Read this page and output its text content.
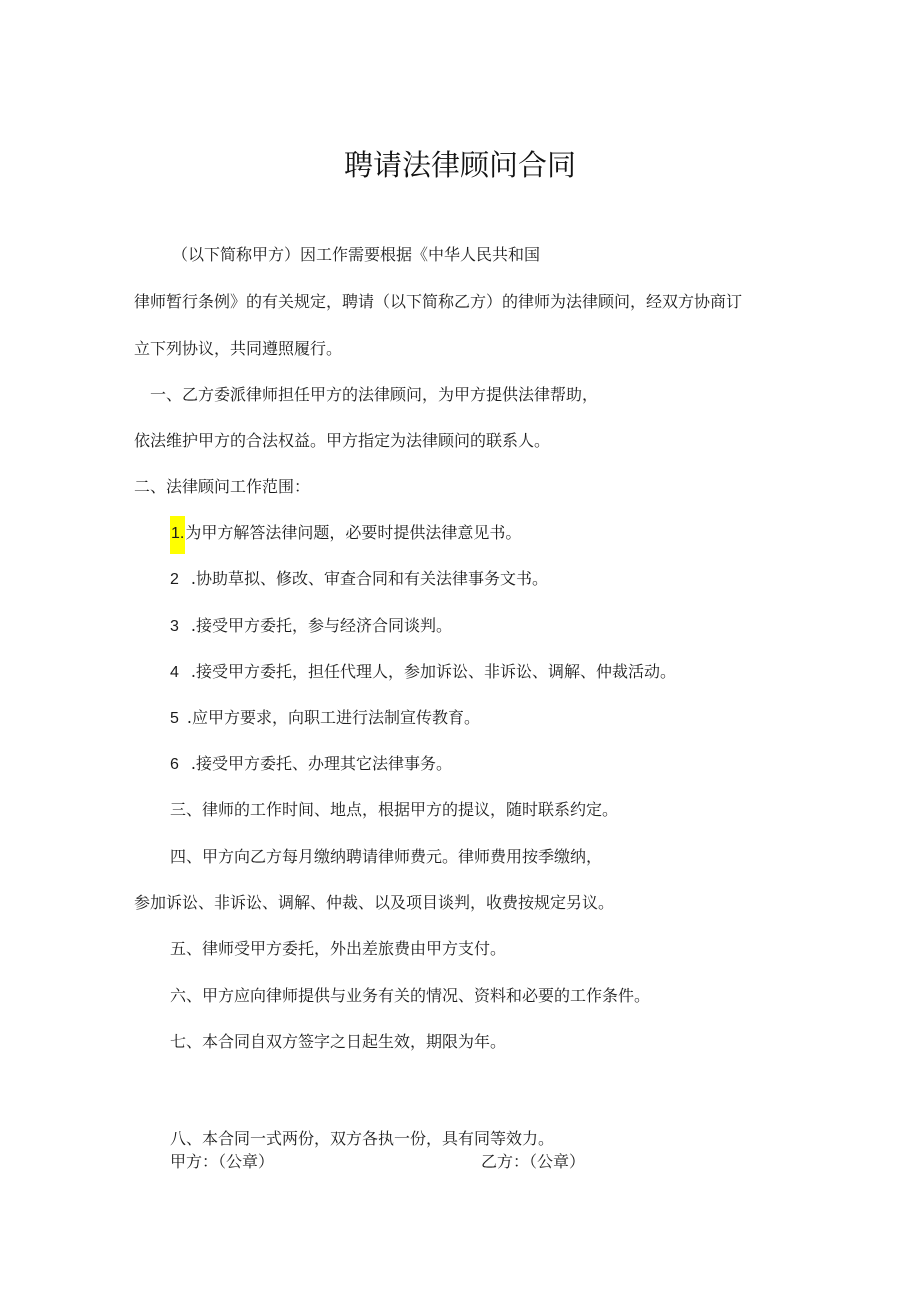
聘请法律顾问合同
（以下简称甲方）因工作需要根据《中华人民共和国
律师暂行条例》的有关规定，聘请（以下简称乙方）的律师为法律顾问，经双方协商订
立下列协议，共同遵照履行。
一、乙方委派律师担任甲方的法律顾问，为甲方提供法律帮助，
依法维护甲方的合法权益。甲方指定为法律顾问的联系人。
二、法律顾问工作范围：
1.为甲方解答法律问题，必要时提供法律意见书。
2 .协助草拟、修改、审查合同和有关法律事务文书。
3 .接受甲方委托，参与经济合同谈判。
4 .接受甲方委托，担任代理人，参加诉讼、非诉讼、调解、仲裁活动。
5 .应甲方要求，向职工进行法制宣传教育。
6 .接受甲方委托、办理其它法律事务。
三、律师的工作时间、地点，根据甲方的提议，随时联系约定。
四、甲方向乙方每月缴纳聘请律师费元。律师费用按季缴纳，
参加诉讼、非诉讼、调解、仲裁、以及项目谈判，收费按规定另议。
五、律师受甲方委托，外出差旅费由甲方支付。
六、甲方应向律师提供与业务有关的情况、资料和必要的工作条件。
七、本合同自双方签字之日起生效，期限为年。
八、本合同一式两份，双方各执一份，具有同等效力。
甲方：（公章）	乙方：（公章）
